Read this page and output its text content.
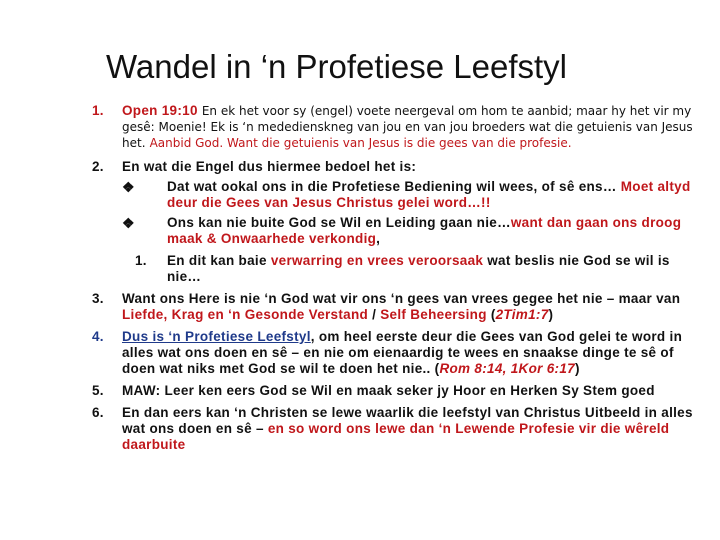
Wandel in ‘n Profetiese Leefstyl
1. Open 19:10 En ek het voor sy (engel) voete neergeval om hom te aanbid; maar hy het vir my gesê: Moenie! Ek is ‘n mededienskneg van jou en van jou broeders wat die getuienis van Jesus het. Aanbid God. Want die getuienis van Jesus is die gees van die profesie.
2. En wat die Engel dus hiermee bedoel het is:
❖ Dat wat ookal ons in die Profetiese Bediening wil wees, of sê ens… Moet altyd deur die Gees van Jesus Christus gelei word…!!
❖ Ons kan nie buite God se Wil en Leiding gaan nie…want dan gaan ons droog maak & Onwaarhede verkondig,
1. En dit kan baie verwarring en vrees veroorsaak wat beslis nie God se wil is nie…
3. Want ons Here is nie ‘n God wat vir ons ‘n gees van vrees gegee het nie – maar van Liefde, Krag en ‘n Gesonde Verstand / Self Beheersing (2Tim1:7)
4. Dus is ‘n Profetiese Leefstyl, om heel eerste deur die Gees van God gelei te word in alles wat ons doen en sê – en nie om eienaardig te wees en snaakse dinge te sê of doen wat niks met God se wil te doen het nie.. (Rom 8:14, 1Kor 6:17)
5. MAW: Leer ken eers God se Wil en maak seker jy Hoor en Herken Sy Stem goed
6. En dan eers kan ‘n Christen se lewe waarlik die leefstyl van Christus Uitbeeld in alles wat ons doen en sê – en so word ons lewe dan ‘n Lewende Profesie vir die wêreld daarbuite
